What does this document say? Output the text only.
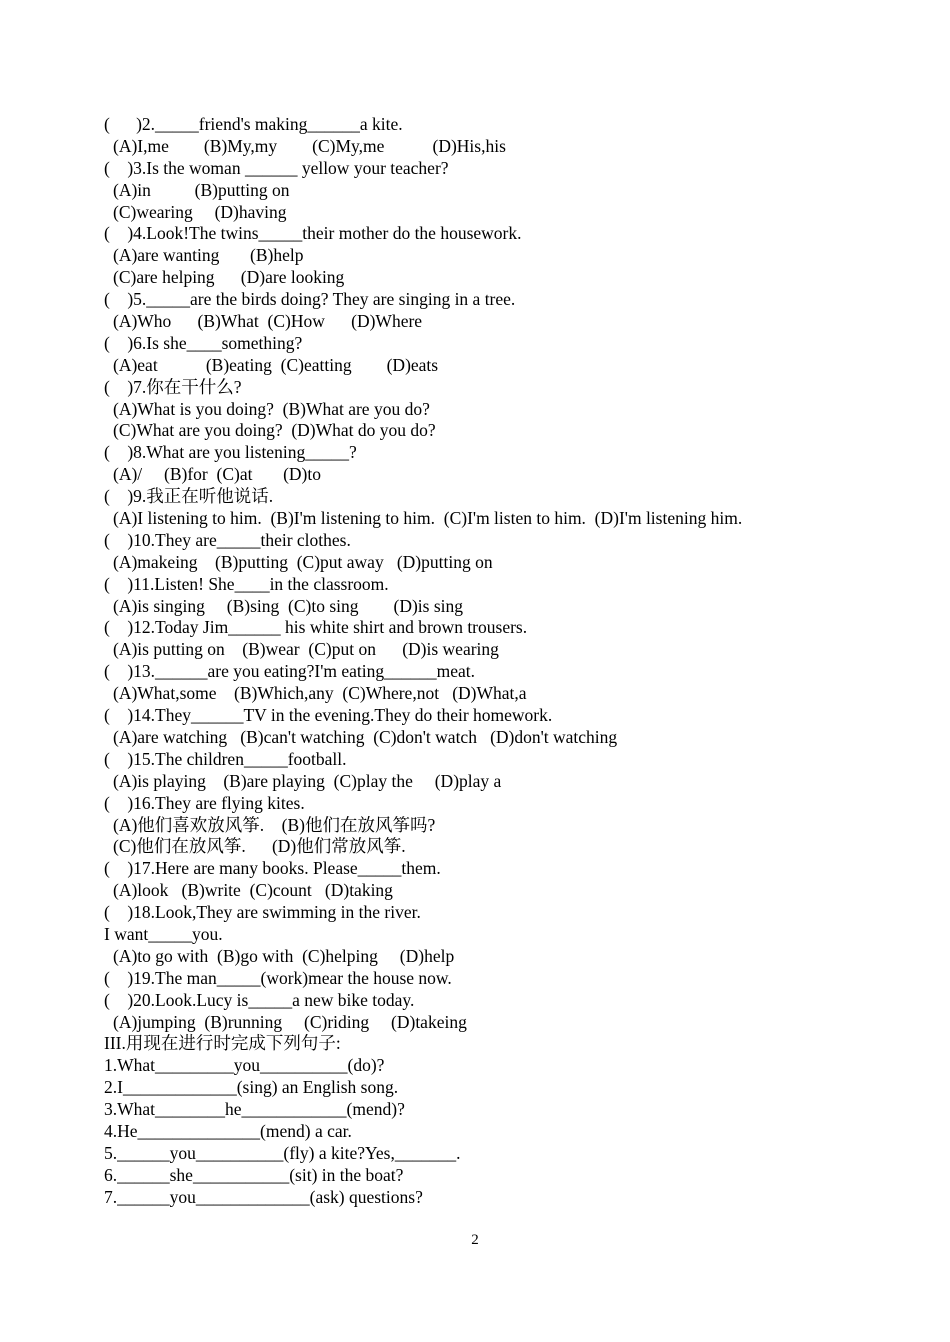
(      )2._____friend's making______a kite.
(A)I,me        (B)My,my        (C)My,me           (D)His,his
(    )3.Is the woman ______ yellow your teacher?
(A)in          (B)putting on
(C)wearing     (D)having
(    )4.Look!The twins_____their mother do the housework.
(A)are wanting       (B)help
(C)are helping      (D)are looking
(    )5._____are the birds doing? They are singing in a tree.
(A)Who      (B)What  (C)How      (D)Where
(    )6.Is she____something?
(A)eat           (B)eating  (C)eatting        (D)eats
(    )7.你在干什么?
(A)What is you doing?  (B)What are you do?
(C)What are you doing?  (D)What do you do?
(    )8.What are you listening_____?
(A)/     (B)for  (C)at       (D)to
(    )9.我正在听他说话.
(A)I listening to him.  (B)I'm listening to him.  (C)I'm listen to him.  (D)I'm listening him.
(    )10.They are_____their clothes.
(A)makeing    (B)putting  (C)put away   (D)putting on
(    )11.Listen! She____in the classroom.
(A)is singing     (B)sing  (C)to sing        (D)is sing
(    )12.Today Jim______ his white shirt and brown trousers.
(A)is putting on    (B)wear  (C)put on      (D)is wearing
(    )13.______are you eating?I'm eating______meat.
(A)What,some    (B)Which,any  (C)Where,not   (D)What,a
(    )14.They______TV in the evening.They do their homework.
(A)are watching   (B)can't watching  (C)don't watch   (D)don't watching
(    )15.The children_____football.
(A)is playing    (B)are playing  (C)play the     (D)play a
(    )16.They are flying kites.
(A)他们喜欢放风筝.    (B)他们在放风筝吗?
(C)他们在放风筝.      (D)他们常放风筝.
(    )17.Here are many books. Please_____them.
(A)look   (B)write  (C)count   (D)taking
(    )18.Look,They are swimming in the river.
I want_____you.
(A)to go with  (B)go with  (C)helping     (D)help
(    )19.The man_____(work)mear the house now.
(    )20.Look.Lucy is_____a new bike today.
(A)jumping  (B)running     (C)riding     (D)takeing
III.用现在进行时完成下列句子:
1.What_________you__________(do)?
2.I_____________(sing) an English song.
3.What________he____________(mend)?
4.He______________(mend) a car.
5.______you__________(fly) a kite?Yes,_______.
6.______she___________(sit) in the boat?
7.______you_____________(ask) questions?
2
